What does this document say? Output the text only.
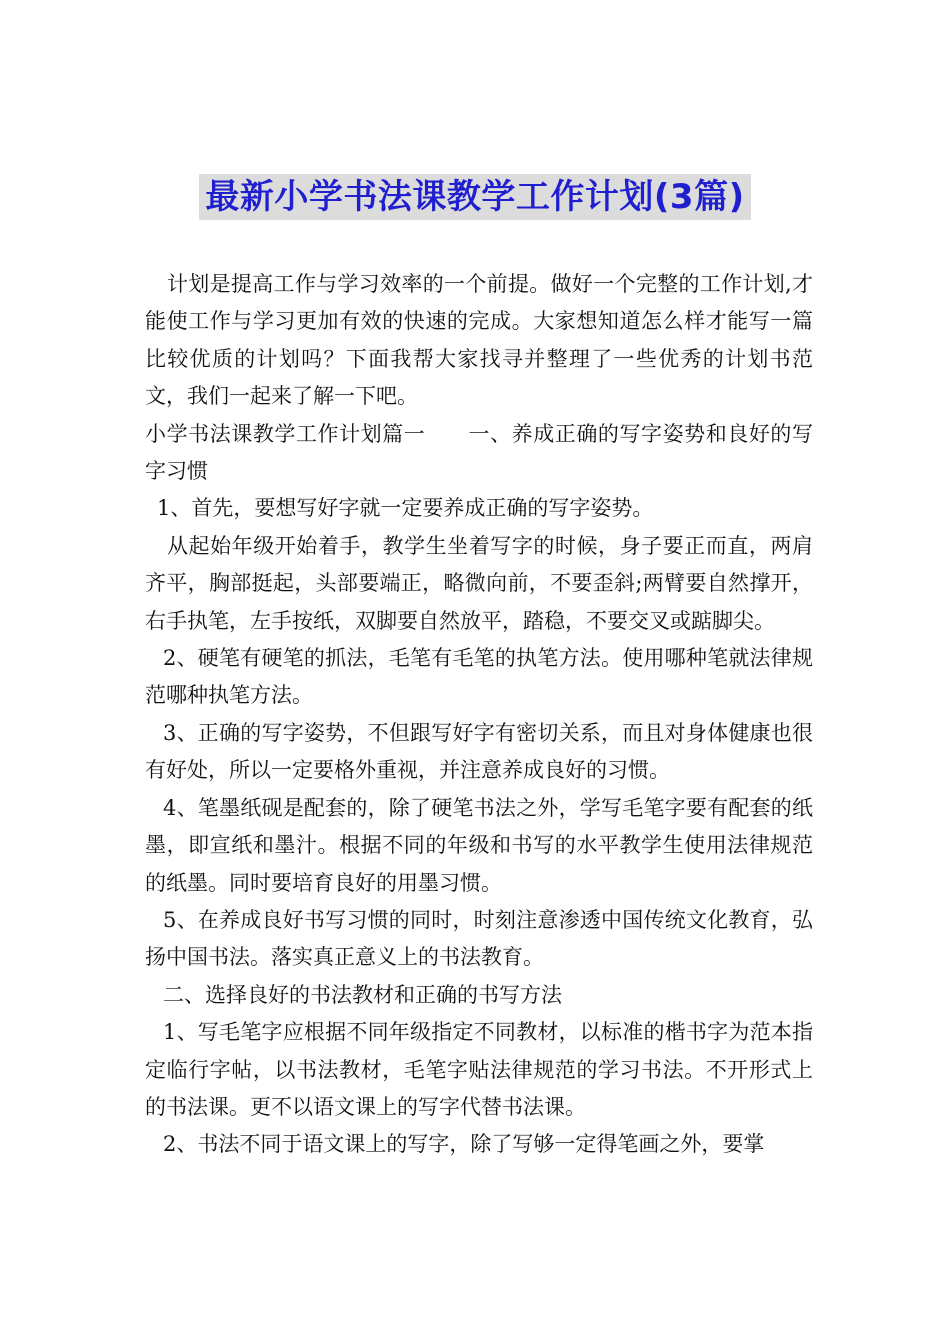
最新小学书法课教学工作计划(3篇)

计划是提高工作与学习效率的一个前提。做好一个完整的工作计划,才能使工作与学习更加有效的快速的完成。大家想知道怎么样才能写一篇比较优质的计划吗？下面我帮大家找寻并整理了一些优秀的计划书范文，我们一起来了解一下吧。

小学书法课教学工作计划篇一　　一、养成正确的写字姿势和良好的写字习惯

1、首先，要想写好字就一定要养成正确的写字姿势。

从起始年级开始着手，教学生坐着写字的时候，身子要正而直，两肩齐平，胸部挺起，头部要端正，略微向前，不要歪斜;两臂要自然撑开，右手执笔，左手按纸，双脚要自然放平，踏稳，不要交叉或踮脚尖。

2、硬笔有硬笔的抓法，毛笔有毛笔的执笔方法。使用哪种笔就法律规范哪种执笔方法。

3、正确的写字姿势，不但跟写好字有密切关系，而且对身体健康也很有好处，所以一定要格外重视，并注意养成良好的习惯。

4、笔墨纸砚是配套的，除了硬笔书法之外，学写毛笔字要有配套的纸墨，即宣纸和墨汁。根据不同的年级和书写的水平教学生使用法律规范的纸墨。同时要培育良好的用墨习惯。

5、在养成良好书写习惯的同时，时刻注意渗透中国传统文化教育，弘扬中国书法。落实真正意义上的书法教育。

二、选择良好的书法教材和正确的书写方法

1、写毛笔字应根据不同年级指定不同教材，以标准的楷书字为范本指定临行字帖，以书法教材，毛笔字贴法律规范的学习书法。不开形式上的书法课。更不以语文课上的写字代替书法课。

2、书法不同于语文课上的写字，除了写够一定得笔画之外，要掌
